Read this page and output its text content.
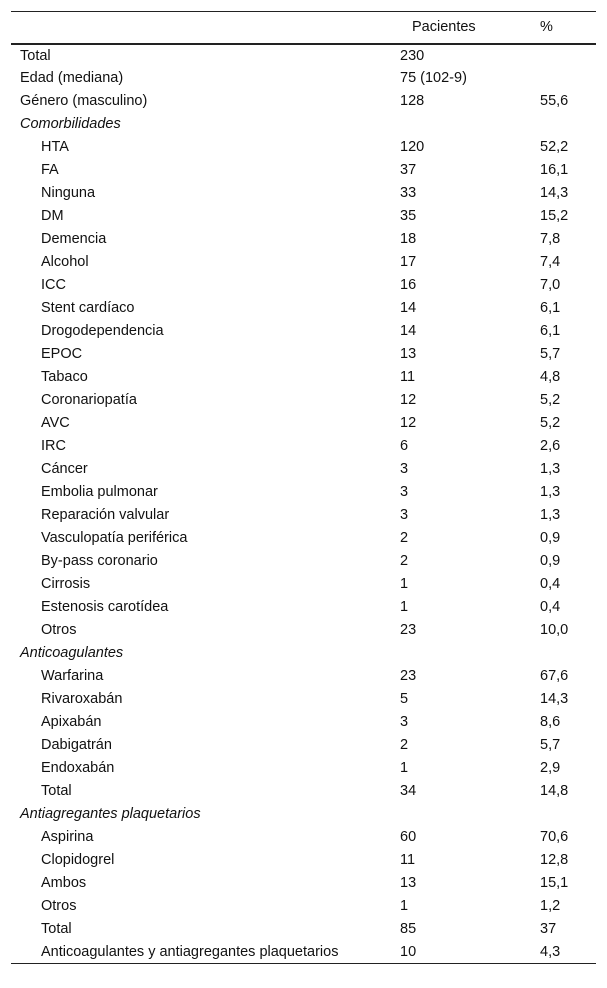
	Pacientes	%
Total	230	
Edad (mediana)	75 (102-9)	
Género (masculino)	128	55,6
Comorbilidades		
HTA	120	52,2
FA	37	16,1
Ninguna	33	14,3
DM	35	15,2
Demencia	18	7,8
Alcohol	17	7,4
ICC	16	7,0
Stent cardíaco	14	6,1
Drogodependencia	14	6,1
EPOC	13	5,7
Tabaco	11	4,8
Coronariopatía	12	5,2
AVC	12	5,2
IRC	6	2,6
Cáncer	3	1,3
Embolia pulmonar	3	1,3
Reparación valvular	3	1,3
Vasculopatía periférica	2	0,9
By-pass coronario	2	0,9
Cirrosis	1	0,4
Estenosis carotídea	1	0,4
Otros	23	10,0
Anticoagulantes		
Warfarina	23	67,6
Rivaroxabán	5	14,3
Apixabán	3	8,6
Dabigatrán	2	5,7
Endoxabán	1	2,9
Total	34	14,8
Antiagregantes plaquetarios		
Aspirina	60	70,6
Clopidogrel	11	12,8
Ambos	13	15,1
Otros	1	1,2
Total	85	37
Anticoagulantes y antiagregantes plaquetarios	10	4,3
